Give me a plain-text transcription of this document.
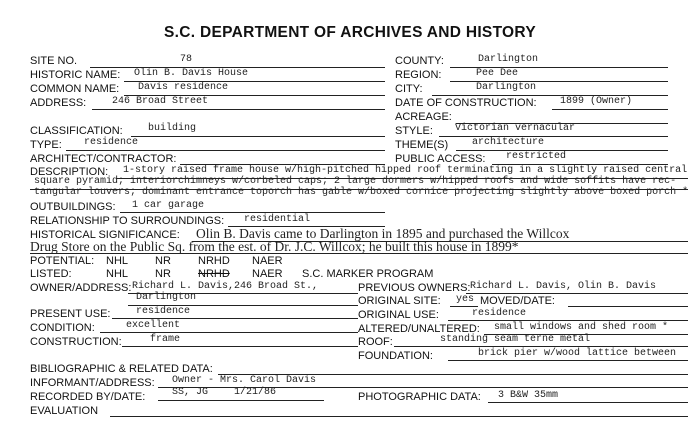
S.C. DEPARTMENT OF ARCHIVES AND HISTORY
SITE NO.	78
HISTORIC NAME: Olin B. Davis House
COMMON NAME: Davis residence
ADDRESS:	246 Broad Street
CLASSIFICATION:	building
TYPE: residence
ARCHITECT/CONTRACTOR:
COUNTY:	Darlington
REGION:	Pee Dee
CITY:	Darlington
DATE OF CONSTRUCTION: 1899 (Owner)
ACREAGE:
STYLE: Victorian vernacular
THEME(S) architecture
PUBLIC ACCESS: restricted
DESCRIPTION: 1-story raised frame house w/high-pitched hipped roof terminating in a slightly raised central
square pyramid; interiorchimneys w/corbeled caps; 2 large dormers w/hipped roofs and wide soffits have rec-
tangular louvers; dominant entrance toporch has gable w/boxed cornice projecting slightly above boxed porch *
OUTBUILDINGS: 1 car garage
RELATIONSHIP TO SURROUNDINGS: residential
HISTORICAL SIGNIFICANCE: Olin B. Davis came to Darlington in 1895 and purchased the Willcox
Drug Store on the Public Sq. from the est. of Dr. J.C. Willcox; he built this house in 1899*
POTENTIAL: NHL NR NRHD NAER
LISTED:	NHL NR NRHD NAER S.C. MARKER PROGRAM
OWNER/ADDRESS: Richard L. Davis,246 Broad St.,
Darlington
PREVIOUS OWNERS: Richard L. Davis, Olin B. Davis
ORIGINAL SITE: yes MOVED/DATE:
PRESENT USE:	residence	ORIGINAL USE:	residence
CONDITION:	excellent	ALTERED/UNALTERED: small windows and shed room *
CONSTRUCTION:	frame	ROOF:	standing seam terne metal
FOUNDATION:	brick pier w/wood lattice between
BIBLIOGRAPHIC & RELATED DATA:
INFORMANT/ADDRESS: Owner - Mrs. Carol Davis
RECORDED BY/DATE:	SS, JG	1/21/86	PHOTOGRAPHIC DATA: 3 B&W 35mm
EVALUATION
